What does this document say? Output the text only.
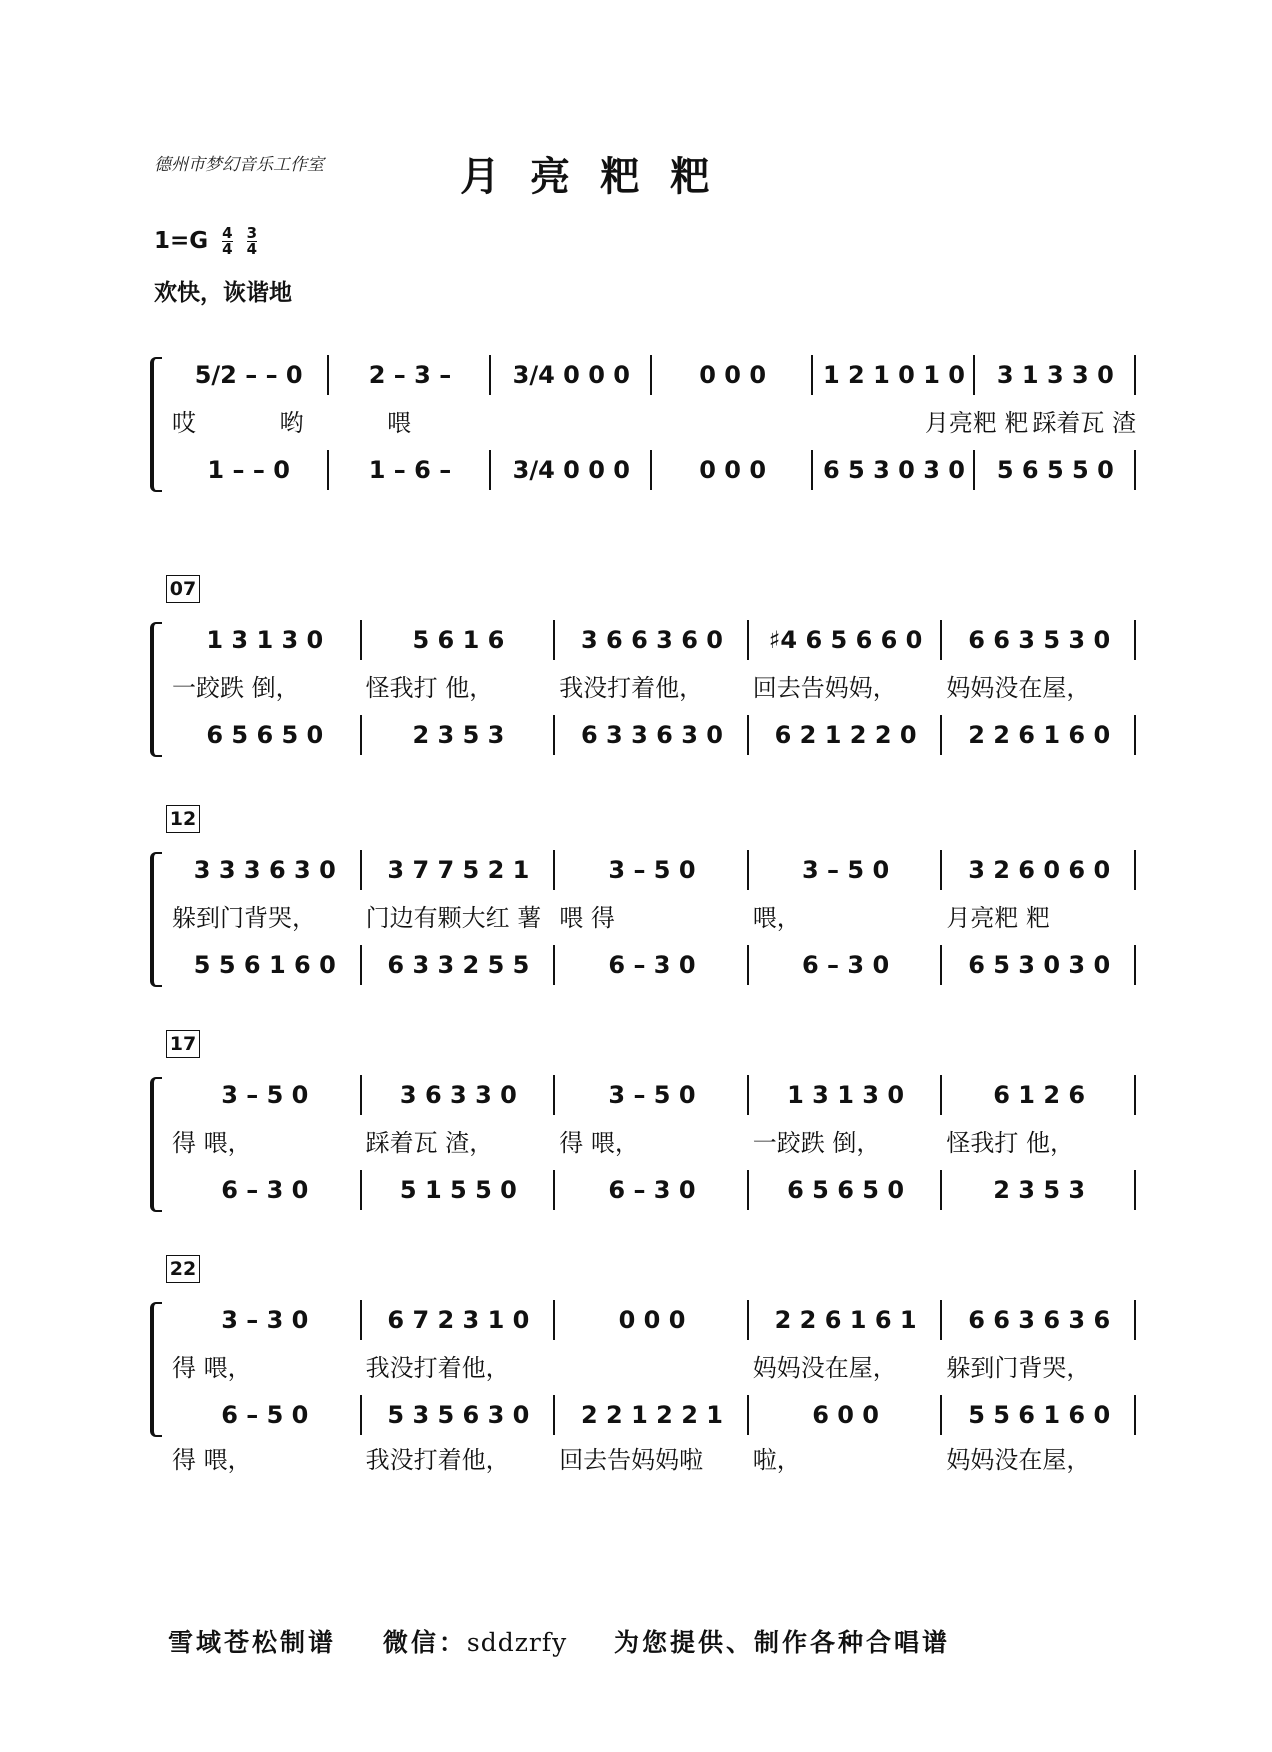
德州市梦幻音乐工作室	月亮粑粑
$1=G \frac{4}{4}$
$\frac{3}{4}$
欢快，诙谐地
5/2 – – 0	2 – 3 –	3/4 0 0 0	0 0 0	1 2 1 0 1 0	3 1 3 3 0
哎	哟	喂	月亮粑 粑 踩着瓦 渣
1 – – 0	1 – 6 –	3/4 0 0 0	0 0 0	6 5 3 0 3 0	5 6 5 5 0
07
1 3 1 3 0	5 6 1 6	3 6 6 3 6 0	♯4 6 5 6 6 0	6 6 3 5 3 0
一跤跌 倒，	怪我打 他，	我没打着他， 回去告妈妈， 妈妈没在屋，
6 5 6 5 0	2 3 5 3	6 3 3 6 3 0	6 2 1 2 2 0	2 2 6 1 6 0
12
3 3 3 6 3 0	3 7 7 5 2 1	3 – 5 0	3 – 5 0	3 2 6 0 6 0
躲到门背哭， 门边有颗大红 薯 喂 得	喂，	月亮粑 粑
5 5 6 1 6 0	6 3 3 2 5 5	6 – 3 0	6 – 3 0	6 5 3 0 3 0
17
3 – 5 0	3 6 3 3 0	3 – 5 0	1 3 1 3 0	6 1 2 6
得 喂，	踩着瓦 渣，	得 喂，	一跤跌 倒，	怪我打 他，
6 – 3 0	5 1 5 5 0	6 – 3 0	6 5 6 5 0	2 3 5 3
22
3 – 3 0	6 7 2 3 1 0	0 0 0	2 2 6 1 6 1	6 6 3 6 3 6
得 喂，	我没打着他，	妈妈没在屋， 躲到门背哭，
6 – 5 0	5 3 5 6 3 0	2 2 1 2 2 1	6 0 0	5 5 6 1 6 0
得 喂，	我没打着他， 回去告妈妈啦 啦，	妈妈没在屋，
雪域苍松制谱 微信：sddzrfy 为您提供、制作各种合唱谱
